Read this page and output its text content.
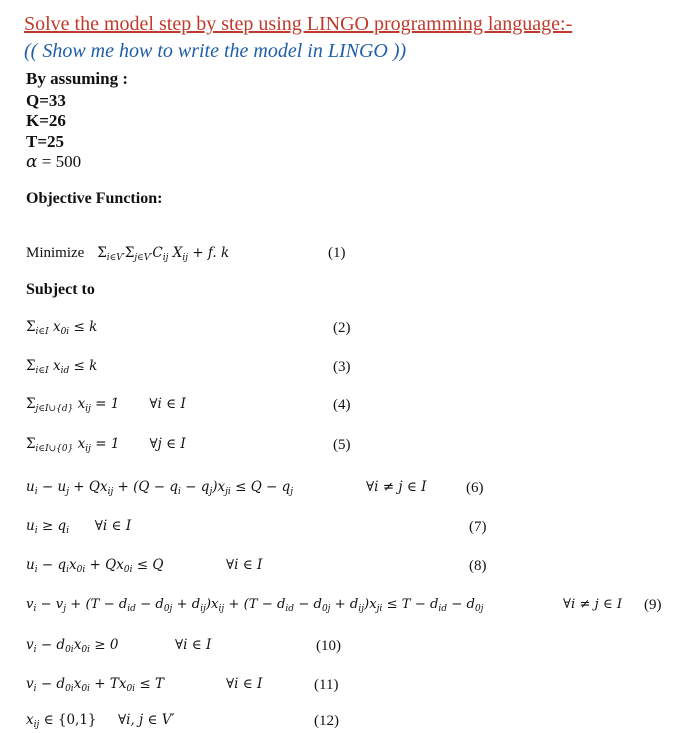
Solve the model step by step using LINGO programming language:-
(( Show me how to write the model in LINGO ))
By assuming :
Q=33
K=26
T=25
α = 500
Objective Function:
Minimize $\Sigma_{i\in V'}\Sigma_{j\in V'}C_{ij}$ $X_{ij} + f$. k	(1)
Subject to
$\Sigma_{i\in I}$ $x_{0i} \le k$	(2)
$\Sigma_{i\in I}$ $x_{id} \le k$	(3)
$\Sigma_{j\in I\cup\{d\}}$ $x_{ij} = 1$       ∀i ∈ I	(4)
$\Sigma_{i\in I\cup\{0\}}$ $x_{ij} = 1$       ∀j ∈ I	(5)
$u_i - u_j + Qx_{ij} + (Q - q_i - q_j)x_{ji} \le Q - q_j$	∀i ≠ j ∈ I	(6)
$u_i \ge q_i$      ∀i ∈ I	(7)
$u_i - q_ix_{0i} + Qx_{0i} \le Q$	∀i ∈ I	(8)
$v_i - v_j + (T - d_{id} - d_{0j} + d_{ij})x_{ij} + (T - d_{id} - d_{0j} + d_{ij})x_{ji} \le T - d_{id} - d_{0j}$	∀i ≠ j ∈ I (9)
$v_i - d_{0i}x_{0i} \ge 0$	∀i ∈ I	(10)
$v_i - d_{0i}x_{0i} + Tx_{0i} \le T$	∀i ∈ I	(11)
$x_{ij}$ ∈ {0,1}     ∀i, j ∈ V′	(12)
